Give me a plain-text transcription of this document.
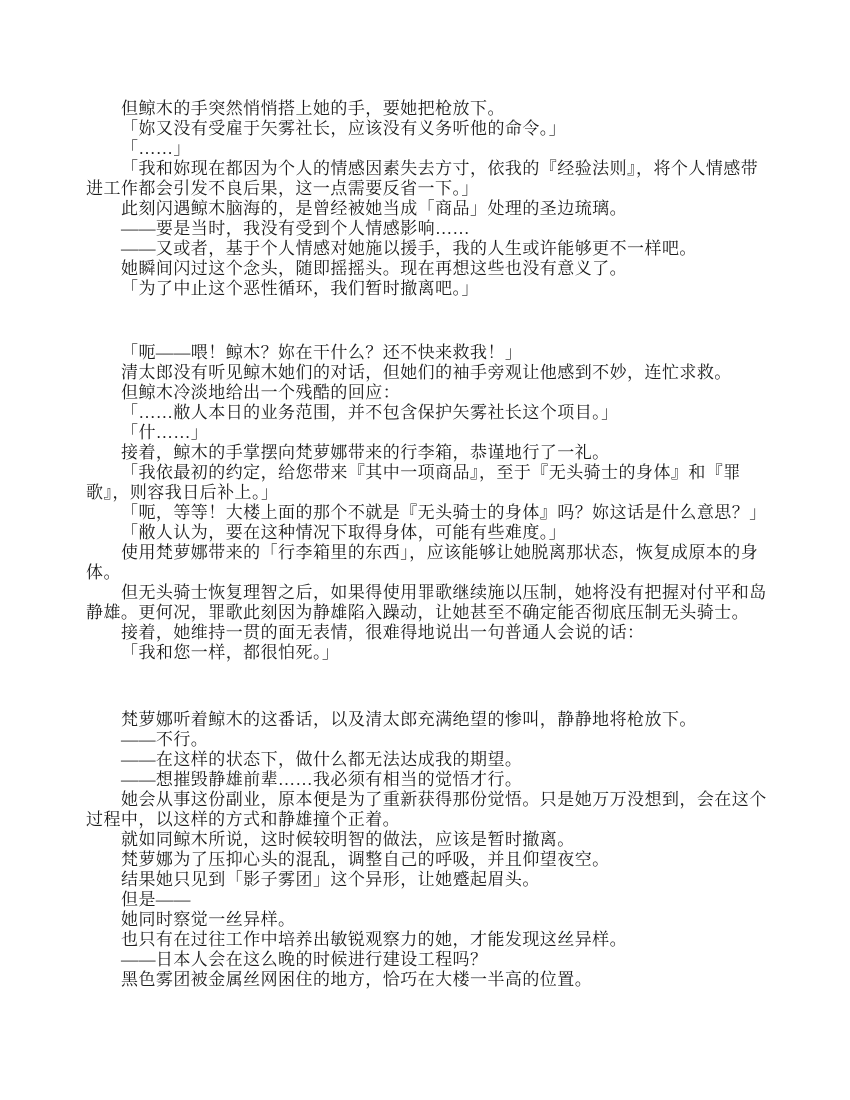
但鲸木的手突然悄悄搭上她的手，要她把枪放下。
「妳又没有受雇于矢雾社长，应该没有义务听他的命令。」
「……」
「我和妳现在都因为个人的情感因素失去方寸，依我的『经验法则』，将个人情感带
进工作都会引发不良后果，这一点需要反省一下。」
此刻闪遇鲸木脑海的，是曾经被她当成「商品」处理的圣边琉璃。
——要是当时，我没有受到个人情感影响……
——又或者，基于个人情感对她施以援手，我的人生或许能够更不一样吧。
她瞬间闪过这个念头，随即摇摇头。现在再想这些也没有意义了。
「为了中止这个恶性循环，我们暂时撤离吧。」
「呃——喂！鲸木？妳在干什么？还不快来救我！」
清太郎没有听见鲸木她们的对话，但她们的袖手旁观让他感到不妙，连忙求救。
但鲸木冷淡地给出一个残酷的回应：
「……敝人本日的业务范围，并不包含保护矢雾社长这个项目。」
「什……」
接着，鲸木的手掌摆向梵萝娜带来的行李箱，恭谨地行了一礼。
「我依最初的约定，给您带来『其中一项商品』，至于『无头骑士的身体』和『罪
歌』，则容我日后补上。」
「呃，等等！大楼上面的那个不就是『无头骑士的身体』吗？妳这话是什么意思？」
「敝人认为，要在这种情况下取得身体，可能有些难度。」
使用梵萝娜带来的「行李箱里的东西」，应该能够让她脱离那状态，恢复成原本的身
体。
但无头骑士恢复理智之后，如果得使用罪歌继续施以压制，她将没有把握对付平和岛
静雄。更何况，罪歌此刻因为静雄陷入躁动，让她甚至不确定能否彻底压制无头骑士。
接着，她维持一贯的面无表情，很难得地说出一句普通人会说的话：
「我和您一样，都很怕死。」
梵萝娜听着鲸木的这番话，以及清太郎充满绝望的惨叫，静静地将枪放下。
——不行。
——在这样的状态下，做什么都无法达成我的期望。
——想摧毁静雄前辈……我必须有相当的觉悟才行。
她会从事这份副业，原本便是为了重新获得那份觉悟。只是她万万没想到，会在这个
过程中，以这样的方式和静雄撞个正着。
就如同鲸木所说，这时候较明智的做法，应该是暂时撤离。
梵萝娜为了压抑心头的混乱，调整自己的呼吸，并且仰望夜空。
结果她只见到「影子雾团」这个异形，让她蹙起眉头。
但是——
她同时察觉一丝异样。
也只有在过往工作中培养出敏锐观察力的她，才能发现这丝异样。
——日本人会在这么晚的时候进行建设工程吗？
黑色雾团被金属丝网困住的地方，恰巧在大楼一半高的位置。
